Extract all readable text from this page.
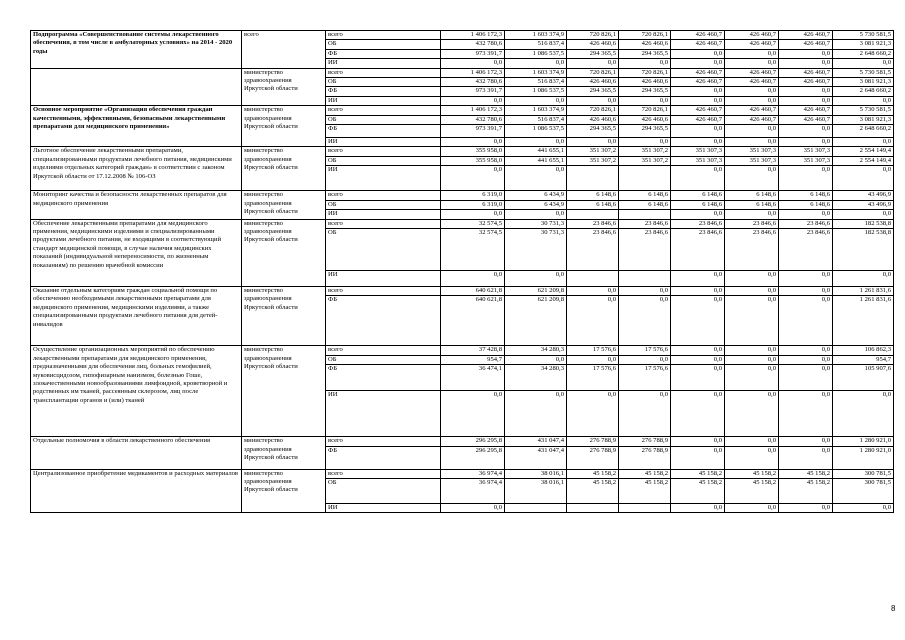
Подпрограмма «Совершенствование системы лекарственного обеспечения, в том числе в амбулаторных условиях» на 2014 - 2020 годы	всего	всего	1 406 172,3	1 603 374,9	720 826,1	720 826,1	426 460,7	426 460,7	426 460,7	5 730 581,5
		ОБ	432 780,6	516 837,4	426 460,6	426 460,6	426 460,7	426 460,7	426 460,7	3 081 921,3
		ФБ	973 391,7	1 086 537,5	294 365,5	294 365,5	0,0	0,0	0,0	2 648 660,2
		ИИ	0,0	0,0	0,0	0,0	0,0	0,0	0,0	0,0
	министерство здравоохранения Иркутской области	всего	1 406 172,3	1 603 374,9	720 826,1	720 826,1	426 460,7	426 460,7	426 460,7	5 730 581,5
		ОБ	432 780,6	516 837,4	426 460,6	426 460,6	426 460,7	426 460,7	426 460,7	3 081 921,3
		ФБ	973 391,7	1 086 537,5	294 365,5	294 365,5	0,0	0,0	0,0	2 648 660,2
		ИИ	0,0	0,0	0,0	0,0	0,0	0,0	0,0	0,0
Основное мероприятие «Организация обеспечения граждан качественными, эффективными, безопасными лекарственными препаратами для медицинского применения»	министерство здравоохранения Иркутской области	всего	1 406 172,3	1 603 374,9	720 826,1	720 826,1	426 460,7	426 460,7	426 460,7	5 730 581,5
		ОБ	432 780,6	516 837,4	426 460,6	426 460,6	426 460,7	426 460,7	426 460,7	3 081 921,3
		ФБ	973 391,7	1 086 537,5	294 365,5	294 365,5	0,0	0,0	0,0	2 648 660,2
		ИИ	0,0	0,0	0,0	0,0	0,0	0,0	0,0	0,0
Льготное обеспечение лекарственными препаратами, специализированными продуктами лечебного питания, медицинскими изделиями отдельных категорий граждан» в соответствии с законом Иркутской области от 17.12.2008 № 106-ОЗ	министерство здравоохранения Иркутской области	всего	355 958,0	441 655,1	351 307,2	351 307,2	351 307,3	351 307,3	351 307,3	2 554 149,4
		ОБ	355 958,0	441 655,1	351 307,2	351 307,2	351 307,3	351 307,3	351 307,3	2 554 149,4
		ИИ	0,0	0,0			0,0	0,0	0,0	0,0
Мониторинг качества и безопасности лекарственных препаратов для медицинского применения	министерство здравоохранения Иркутской области	всего	6 319,0	6 434,9	6 148,6	6 148,6	6 148,6	6 148,6	6 148,6	43 496,9
		ОБ	6 319,0	6 434,9	6 148,6	6 148,6	6 148,6	6 148,6	6 148,6	43 496,9
		ИИ	0,0	0,0			0,0	0,0	0,0	0,0
Обеспечение лекарственными препаратами для медицинского применения, медицинскими изделиями и специализированными продуктами лечебного питания, не входящими в соответствующий стандарт медицинской помощи, в случае наличия медицинских показаний (индивидуальной непереносимости, по жизненным показаниям) по решению врачебной комиссии	министерство здравоохранения Иркутской области	всего	32 574,5	30 731,3	23 846,6	23 846,6	23 846,6	23 846,6	23 846,6	182 538,8
		ОБ	32 574,5	30 731,3	23 846,6	23 846,6	23 846,6	23 846,6	23 846,6	182 538,8
		ИИ	0,0	0,0			0,0	0,0	0,0	0,0
Оказание отдельным категориям граждан социальной помощи по обеспечению необходимыми лекарственными препаратами для медицинского применения, медицинскими изделиями, а также специализированными продуктами лечебного питания для детей-инвалидов	министерство здравоохранения Иркутской области	всего	640 621,8	621 209,8	0,0	0,0	0,0	0,0	0,0	1 261 831,6
		ФБ	640 621,8	621 209,8	0,0	0,0	0,0	0,0	0,0	1 261 831,6
Осуществление организационных мероприятий по обеспечению лекарственными препаратами для медицинского применения, предназначенными для обеспечения лиц, больных гемофилией, муковисцидозом, гипофизарным нанизмом, болезнью Гоше, злокачественными новообразованиями лимфоидной, кроветворной и родственных им тканей, рассеянным склерозом, лиц после трансплантации органов и (или) тканей	министерство здравоохранения Иркутской области	всего	37 428,8	34 280,3	17 576,6	17 576,6	0,0	0,0	0,0	106 862,3
		ОБ	954,7	0,0	0,0	0,0	0,0	0,0	0,0	954,7
		ФБ	36 474,1	34 280,3	17 576,6	17 576,6	0,0	0,0	0,0	105 907,6
		ИИ	0,0	0,0	0,0	0,0	0,0	0,0	0,0	0,0
Отдельные полномочия в области лекарственного обеспечения	министерство здравоохранения Иркутской области	всего	296 295,8	431 047,4	276 788,9	276 788,9	0,0	0,0	0,0	1 280 921,0
		ФБ	296 295,8	431 047,4	276 788,9	276 788,9	0,0	0,0	0,0	1 280 921,0
Централизованное приобретение медикаментов и расходных материалов	министерство здравоохранения Иркутской области	всего	36 974,4	38 016,1	45 158,2	45 158,2	45 158,2	45 158,2	45 158,2	300 781,5
		ОБ	36 974,4	38 016,1	45 158,2	45 158,2	45 158,2	45 158,2	45 158,2	300 781,5
		ИИ	0,0				0,0	0,0	0,0	0,0
8
